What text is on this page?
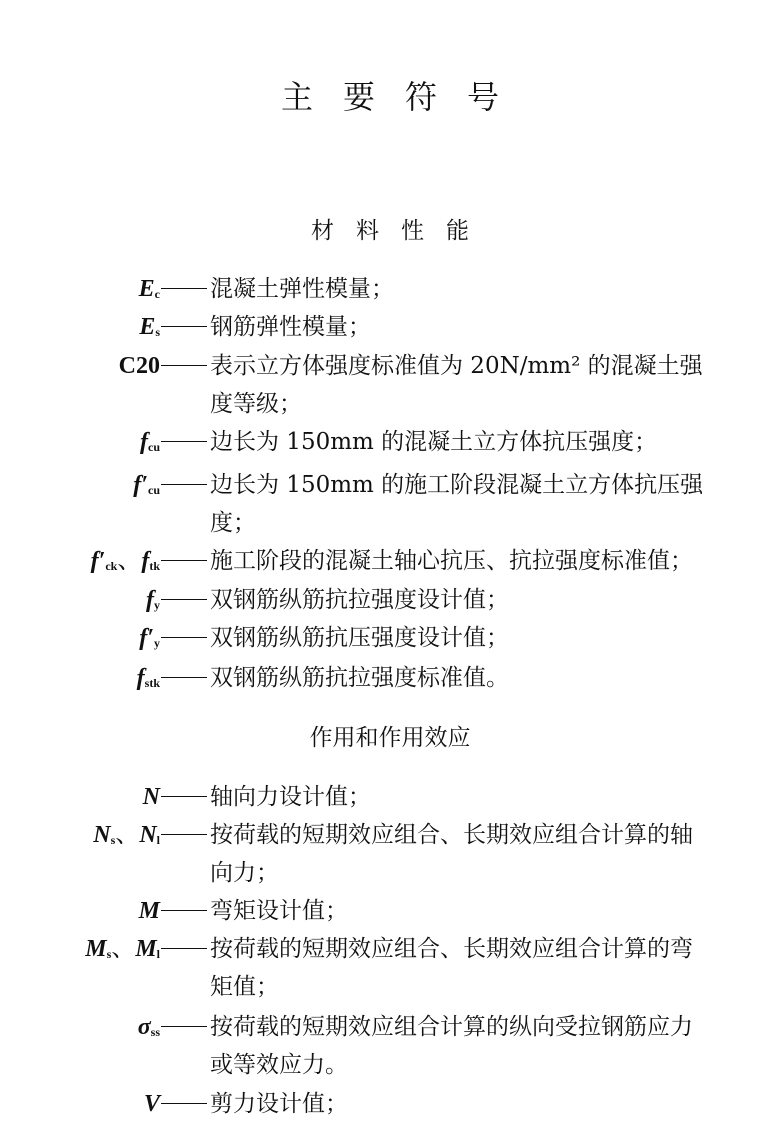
主要符号
材料性能
$E_c$ 混凝土弹性模量；
$E_s$ 钢筋弹性模量；
C20 表示立方体强度标准值为 20N/mm² 的混凝土强
度等级；
$f_{cu}$ 边长为 150mm 的混凝土立方体抗压强度；
$f'_{cu}$ 边长为 150mm 的施工阶段混凝土立方体抗压强
度；
$f'_{ck}$、$f_{tk}$ 施工阶段的混凝土轴心抗压、抗拉强度标准值；
$f_y$ 双钢筋纵筋抗拉强度设计值；
$f'_y$ 双钢筋纵筋抗压强度设计值；
$f_{stk}$ 双钢筋纵筋抗拉强度标准值。
作用和作用效应
N 轴向力设计值；
$N_s$、$N_l$ 按荷载的短期效应组合、长期效应组合计算的轴
向力；
M 弯矩设计值；
$M_s$、$M_l$ 按荷载的短期效应组合、长期效应组合计算的弯
矩值；
$\sigma_{ss}$ 按荷载的短期效应组合计算的纵向受拉钢筋应力
或等效应力。
V 剪力设计值；
